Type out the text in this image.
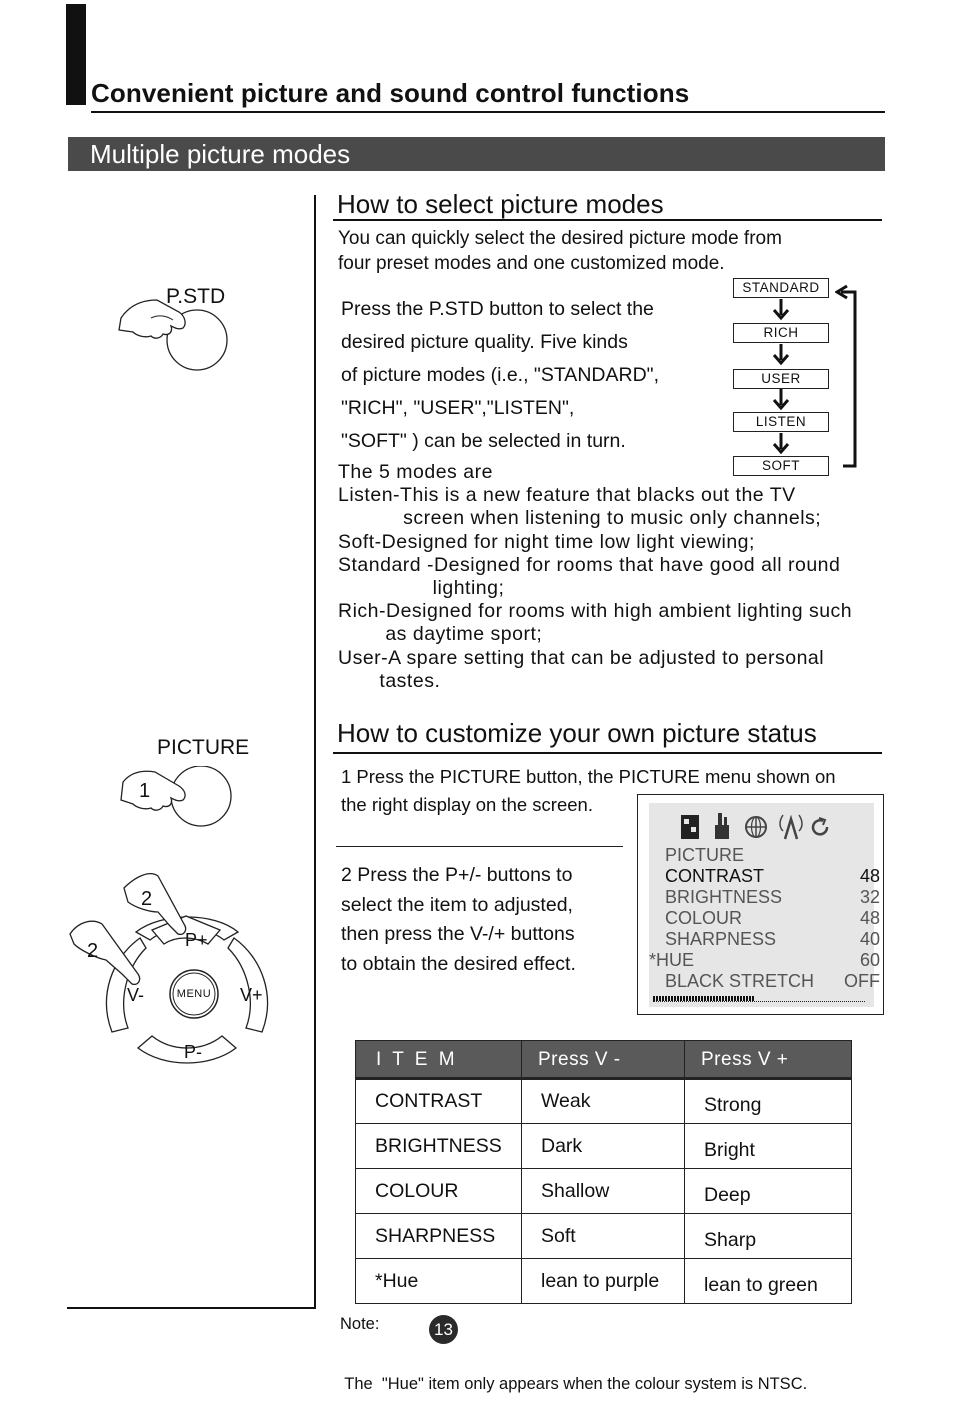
Convenient picture and sound control functions
Multiple picture modes
P.STD
PICTURE
1
2
2	P+
P-
V-	V+
MENU
How to select picture modes
You can quickly select the desired picture mode from
four preset modes and one customized mode.
Press the P.STD button to select the
desired picture quality. Five kinds
of picture modes (i.e., "STANDARD",
"RICH", "USER","LISTEN",
"SOFT" ) can be selected in turn.
STANDARD
RICH
USER
LISTEN
SOFT
The 5 modes are
Listen-This is a new feature that blacks out the TV
screen when listening to music only channels;
Soft-Designed for night time low light viewing;
Standard -Designed for rooms that have good all round
lighting;
Rich-Designed for rooms with high ambient lighting such
as daytime sport;
User-A spare setting that can be adjusted to personal
tastes.
How to customize your own picture status
1 Press the PICTURE button, the PICTURE menu shown on
the right display on the screen.
2 Press the P+/- buttons to
select the item to adjusted,
then press the V-/+ buttons
to obtain the desired effect.
PICTURE
CONTRAST	48
BRIGHTNESS	32
COLOUR	48
SHARPNESS	40
*HUE	60
BLACK STRETCH OFF
I T E M	Press V -	Press V +
CONTRAST	Weak	Strong
BRIGHTNESS	Dark	Bright
COLOUR	Shallow	Deep
SHARPNESS	Soft	Sharp
*Hue	lean to purple	lean to green

Note:

The  "Hue" item only appears when the colour system is NTSC.

13
